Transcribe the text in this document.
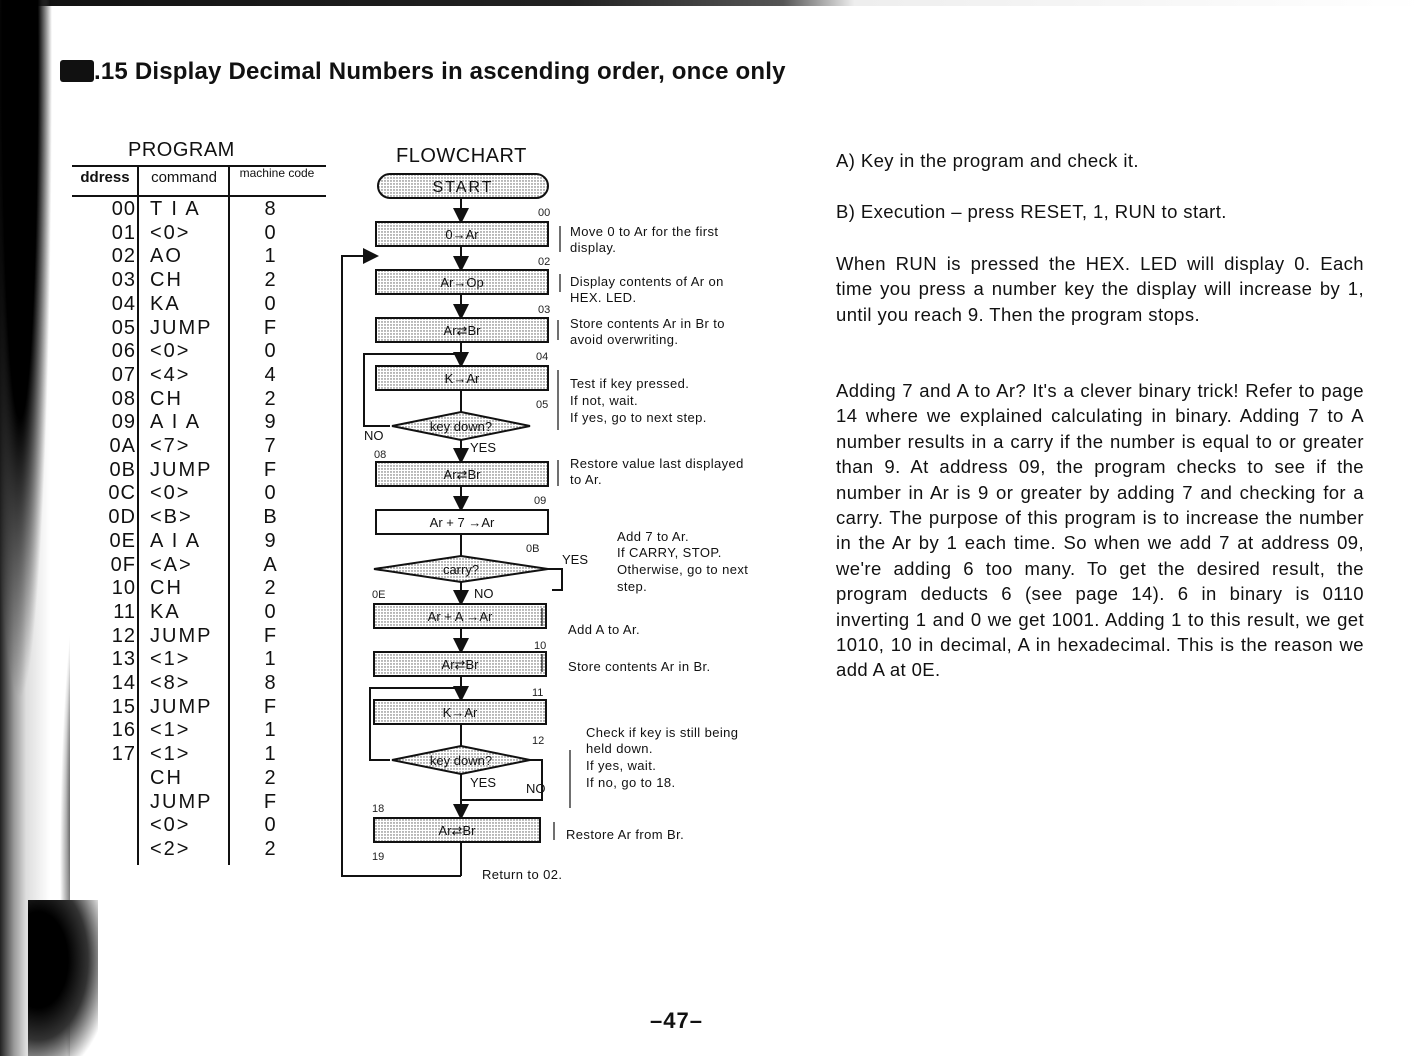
.15 Display Decimal Numbers in ascending order, once only
PROGRAM
ddress	command	machine code
00 T I A	8
01 <0>	0
02 AO	1
03 CH	2
04 KA	0
05 JUMP	F
06 <0>	0
07 <4>	4
08 CH	2
09 A I A	9
0A <7>	7
0B JUMP	F
0C <0>	0
0D <B>	B
0E A I A	9
0F <A>	A
10 CH	2
11 KA	0
12 JUMP	F
13 <1>	1
14 <8>	8
15 JUMP	F
16 <1>	1
17 <1>	1
CH	2
JUMP	F
<0>	0
<2>	2
FLOWCHART
START
0→Ar
Ar→Op
Ar⇄Br
K→Ar
key down?
Ar⇄Br
Ar + 7 →Ar
carry?
Ar + A →Ar
Ar⇄Br
K→Ar
key down?
Ar⇄Br
00
02
03
04
05
08
09
0B
0E
10
11
12
18
19
NO
YES
YES
NO
YES NO
Move 0 to Ar for the first
display.
Display contents of Ar on
HEX. LED.
Store contents Ar in Br to
avoid overwriting.
Test if key pressed.
If not, wait.
If yes, go to next step.
Restore value last displayed
to Ar.
Add 7 to Ar.
If CARRY, STOP.
Otherwise, go to next
step.
Add A to Ar.
Store contents Ar in Br.
Check if key is still being
held down.
If yes, wait.
If no, go to 18.
Restore Ar from Br.
Return to 02.

A) Key in the program and check it.

B) Execution – press RESET, 1, RUN to start.

When RUN is pressed the HEX. LED will display 0. Each time you press a number key the display will increase by 1, until you reach 9. Then the program stops.

Adding 7 and A to Ar? It's a clever binary trick! Refer to page 14 where we explained calculating in binary. Adding 7 to A number results in a carry if the number is equal to or greater than 9. At address 09, the program checks to see if the number in Ar is 9 or greater by adding 7 and checking for a carry. The purpose of this program is to increase the number in the Ar by 1 each time. So when we add 7 at address 09, we're adding 6 too many. To get the desired result, the program deducts 6 (see page 14). 6 in binary is 0110 inverting 1 and 0 we get 1001. Adding 1 to this result, we get 1010, 10 in decimal, A in hexadecimal. This is the reason we add A at 0E.

–47–
